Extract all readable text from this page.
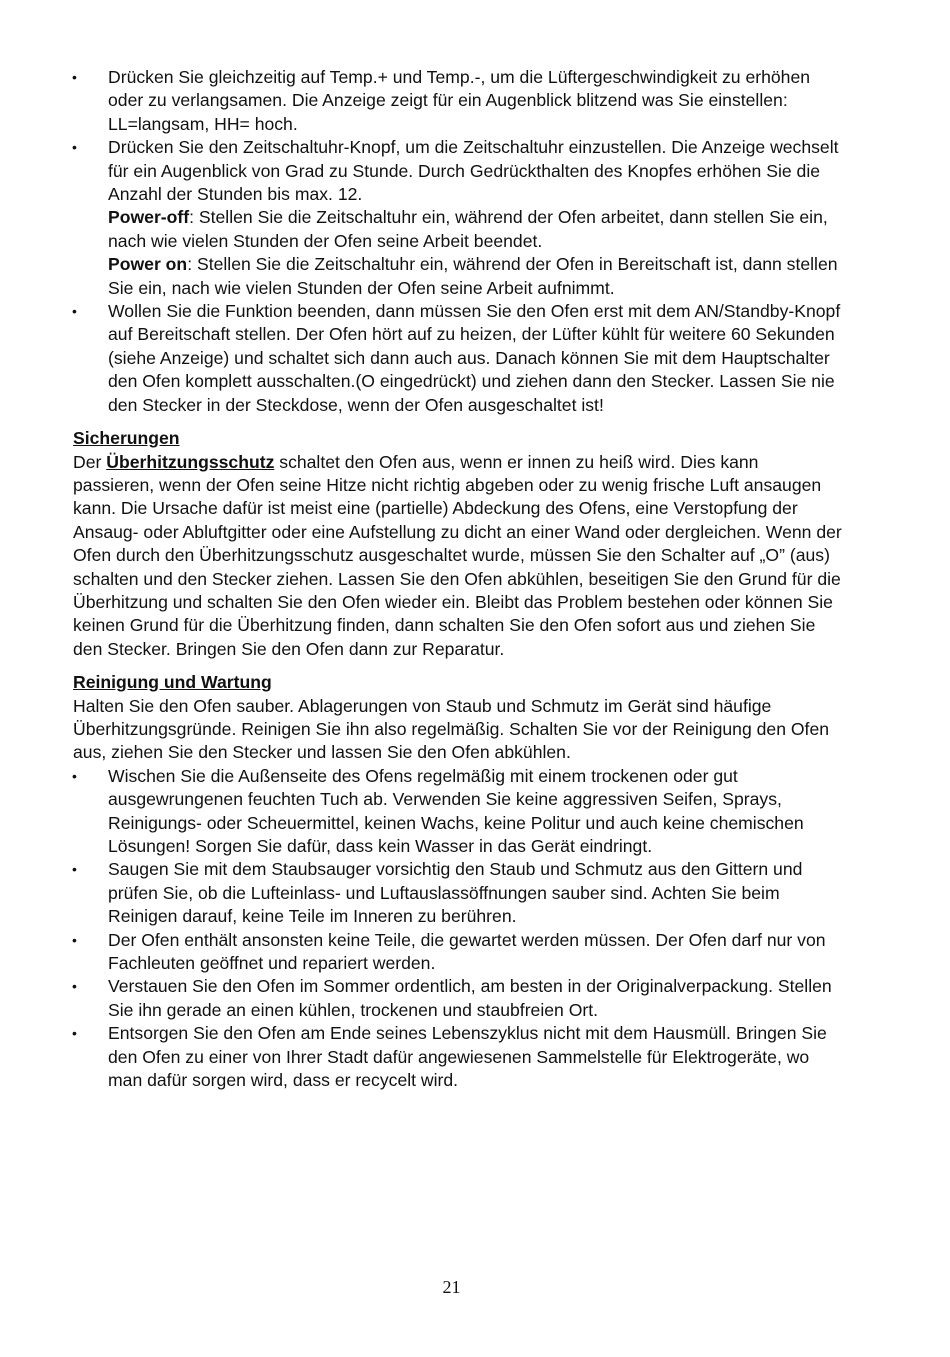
• Drücken Sie gleichzeitig auf Temp.+ und Temp.-, um die Lüftergeschwindigkeit zu erhöhen oder zu verlangsamen. Die Anzeige zeigt für ein Augenblick blitzend was Sie einstellen: LL=langsam, HH= hoch.
• Drücken Sie den Zeitschaltuhr-Knopf, um die Zeitschaltuhr einzustellen. Die Anzeige wechselt für ein Augenblick von Grad zu Stunde. Durch Gedrückthalten des Knopfes erhöhen Sie die Anzahl der Stunden bis max. 12.
Power-off: Stellen Sie die Zeitschaltuhr ein, während der Ofen arbeitet, dann stellen Sie ein, nach wie vielen Stunden der Ofen seine Arbeit beendet.
Power on: Stellen Sie die Zeitschaltuhr ein, während der Ofen in Bereitschaft ist, dann stellen Sie ein, nach wie vielen Stunden der Ofen seine Arbeit aufnimmt.
• Wollen Sie die Funktion beenden, dann müssen Sie den Ofen erst mit dem AN/Standby-Knopf auf Bereitschaft stellen. Der Ofen hört auf zu heizen, der Lüfter kühlt für weitere 60 Sekunden (siehe Anzeige) und schaltet sich dann auch aus. Danach können Sie mit dem Hauptschalter den Ofen komplett ausschalten.(O eingedrückt) und ziehen dann den Stecker. Lassen Sie nie den Stecker in der Steckdose, wenn der Ofen ausgeschaltet ist!
Sicherungen
Der Überhitzungsschutz schaltet den Ofen aus, wenn er innen zu heiß wird. Dies kann passieren, wenn der Ofen seine Hitze nicht richtig abgeben oder zu wenig frische Luft ansaugen kann. Die Ursache dafür ist meist eine (partielle) Abdeckung des Ofens, eine Verstopfung der Ansaug- oder Abluftgitter oder eine Aufstellung zu dicht an einer Wand oder dergleichen. Wenn der Ofen durch den Überhitzungsschutz ausgeschaltet wurde, müssen Sie den Schalter auf „O” (aus) schalten und den Stecker ziehen. Lassen Sie den Ofen abkühlen, beseitigen Sie den Grund für die Überhitzung und schalten Sie den Ofen wieder ein. Bleibt das Problem bestehen oder können Sie keinen Grund für die Überhitzung finden, dann schalten Sie den Ofen sofort aus und ziehen Sie den Stecker. Bringen Sie den Ofen dann zur Reparatur.
Reinigung und Wartung
Halten Sie den Ofen sauber. Ablagerungen von Staub und Schmutz im Gerät sind häufige Überhitzungsgründe. Reinigen Sie ihn also regelmäßig. Schalten Sie vor der Reinigung den Ofen aus, ziehen Sie den Stecker und lassen Sie den Ofen abkühlen.
• Wischen Sie die Außenseite des Ofens regelmäßig mit einem trockenen oder gut ausgewrungenen feuchten Tuch ab. Verwenden Sie keine aggressiven Seifen, Sprays, Reinigungs- oder Scheuermittel, keinen Wachs, keine Politur und auch keine chemischen Lösungen! Sorgen Sie dafür, dass kein Wasser in das Gerät eindringt.
• Saugen Sie mit dem Staubsauger vorsichtig den Staub und Schmutz aus den Gittern und prüfen Sie, ob die Lufteinlass- und Luftauslassöffnungen sauber sind. Achten Sie beim Reinigen darauf, keine Teile im Inneren zu berühren.
• Der Ofen enthält ansonsten keine Teile, die gewartet werden müssen. Der Ofen darf nur von Fachleuten geöffnet und repariert werden.
• Verstauen Sie den Ofen im Sommer ordentlich, am besten in der Originalverpackung. Stellen Sie ihn gerade an einen kühlen, trockenen und staubfreien Ort.
• Entsorgen Sie den Ofen am Ende seines Lebenszyklus nicht mit dem Hausmüll. Bringen Sie den Ofen zu einer von Ihrer Stadt dafür angewiesenen Sammelstelle für Elektrogeräte, wo man dafür sorgen wird, dass er recycelt wird.
21
